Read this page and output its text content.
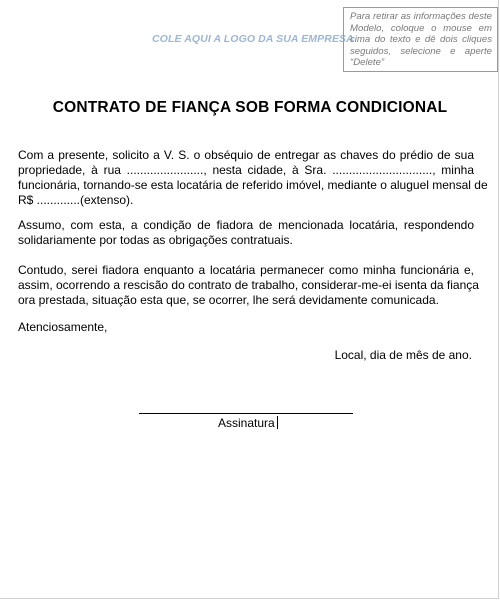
COLE AQUI A LOGO DA SUA EMPRESA
Para retirar as informações deste Modelo, coloque o mouse em cima do texto e dê dois cliques seguidos, selecione e aperte “Delete”
CONTRATO DE FIANÇA SOB FORMA CONDICIONAL

Com a presente, solicito a V. S. o obséquio de entregar as chaves do prédio de sua
propriedade, à rua ......................., nesta cidade, à Sra. .............................., minha
funcionária, tornando-se esta locatária de referido imóvel, mediante o aluguel mensal de
R$ .............(extenso).

Assumo, com esta, a condição de fiadora de mencionada locatária, respondendo
solidariamente por todas as obrigações contratuais.

Contudo, serei fiadora enquanto a locatária permanecer como minha funcionária e,
assim, ocorrendo a rescisão do contrato de trabalho, considerar-me-ei isenta da fiança
ora prestada, situação esta que, se ocorrer, lhe será devidamente comunicada.

Atenciosamente,
Local, dia de mês de ano.
Assinatura
